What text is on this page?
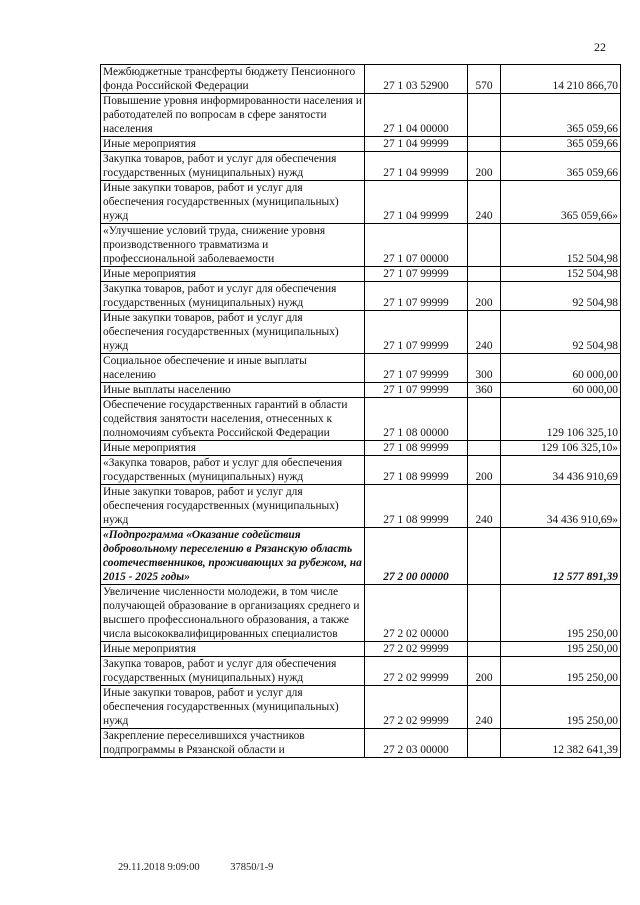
22
Межбюджетные трансферты бюджету Пенсионного фонда Российской Федерации	27 1 03 52900	570	14 210 866,70
Повышение уровня информированности населения и работодателей по вопросам в сфере занятости населения	27 1 04 00000		365 059,66
Иные мероприятия	27 1 04 99999		365 059,66
Закупка товаров, работ и услуг для обеспечения государственных (муниципальных) нужд	27 1 04 99999	200	365 059,66
Иные закупки товаров, работ и услуг для обеспечения государственных (муниципальных) нужд	27 1 04 99999	240	365 059,66»
«Улучшение условий труда, снижение уровня производственного травматизма и профессиональной заболеваемости	27 1 07 00000		152 504,98
Иные мероприятия	27 1 07 99999		152 504,98
Закупка товаров, работ и услуг для обеспечения государственных (муниципальных) нужд	27 1 07 99999	200	92 504,98
Иные закупки товаров, работ и услуг для обеспечения государственных (муниципальных) нужд	27 1 07 99999	240	92 504,98
Социальное обеспечение и иные выплаты населению	27 1 07 99999	300	60 000,00
Иные выплаты населению	27 1 07 99999	360	60 000,00
Обеспечение государственных гарантий в области содействия занятости населения, отнесенных к полномочиям субъекта Российской Федерации	27 1 08 00000		129 106 325,10
Иные мероприятия	27 1 08 99999		129 106 325,10»
«Закупка товаров, работ и услуг для обеспечения государственных (муниципальных) нужд	27 1 08 99999	200	34 436 910,69
Иные закупки товаров, работ и услуг для обеспечения государственных (муниципальных) нужд	27 1 08 99999	240	34 436 910,69»
«Подпрограмма «Оказание содействия добровольному переселению в Рязанскую область соотечественников, проживающих за рубежом, на 2015 - 2025 годы»	27 2 00 00000		12 577 891,39
Увеличение численности молодежи, в том числе получающей образование в организациях среднего и высшего профессионального образования, а также числа высококвалифицированных специалистов	27 2 02 00000		195 250,00
Иные мероприятия	27 2 02 99999		195 250,00
Закупка товаров, работ и услуг для обеспечения государственных (муниципальных) нужд	27 2 02 99999	200	195 250,00
Иные закупки товаров, работ и услуг для обеспечения государственных (муниципальных) нужд	27 2 02 99999	240	195 250,00
Закрепление переселившихся участников подпрограммы в Рязанской области и	27 2 03 00000		12 382 641,39
29.11.2018 9:09:00	37850/1-9
